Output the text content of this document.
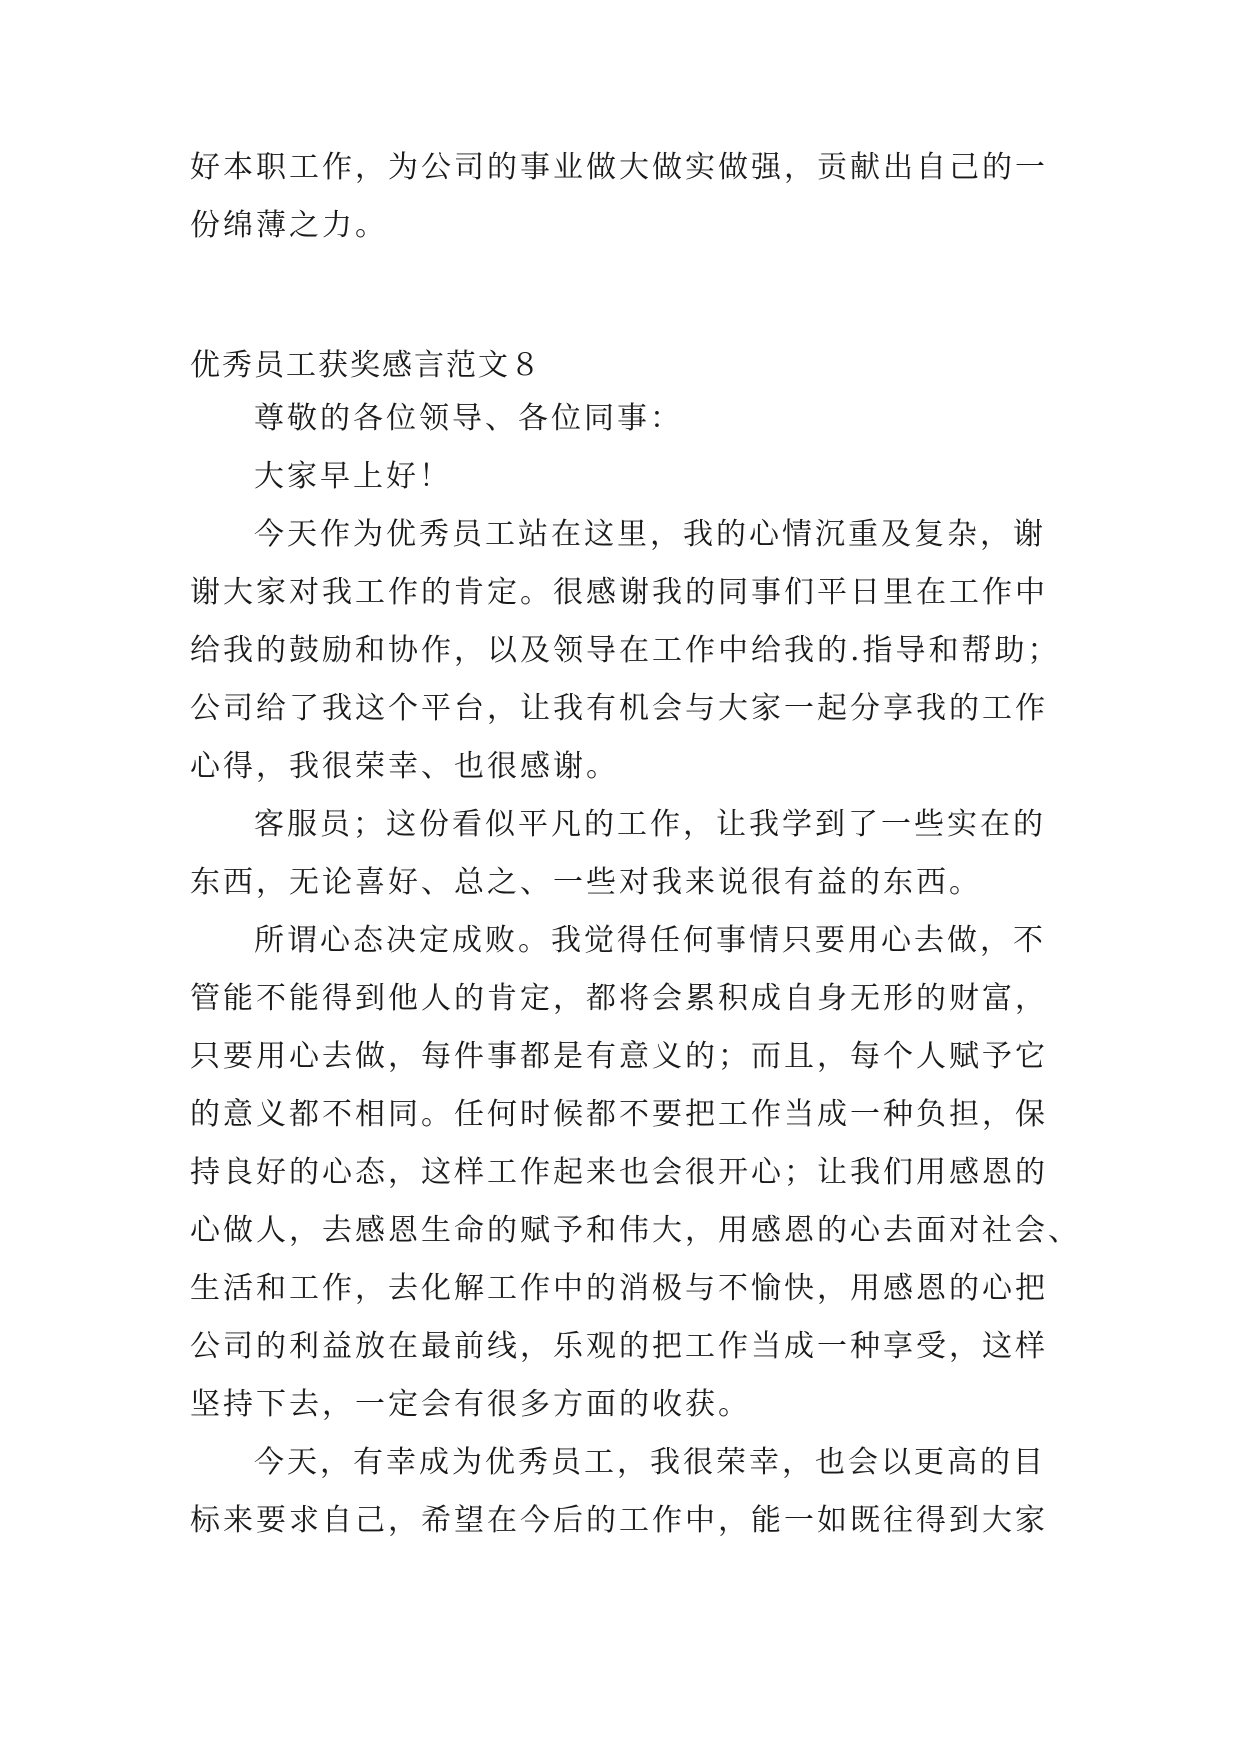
好本职工作，为公司的事业做大做实做强，贡献出自己的一
份绵薄之力。
优秀员工获奖感言范文８
尊敬的各位领导、各位同事：
大家早上好！
今天作为优秀员工站在这里，我的心情沉重及复杂，谢
谢大家对我工作的肯定。很感谢我的同事们平日里在工作中
给我的鼓励和协作，以及领导在工作中给我的.指导和帮助；
公司给了我这个平台，让我有机会与大家一起分享我的工作
心得，我很荣幸、也很感谢。
客服员；这份看似平凡的工作，让我学到了一些实在的
东西，无论喜好、总之、一些对我来说很有益的东西。
所谓心态决定成败。我觉得任何事情只要用心去做，不
管能不能得到他人的肯定，都将会累积成自身无形的财富，
只要用心去做，每件事都是有意义的；而且，每个人赋予它
的意义都不相同。任何时候都不要把工作当成一种负担，保
持良好的心态，这样工作起来也会很开心；让我们用感恩的
心做人，去感恩生命的赋予和伟大，用感恩的心去面对社会、
生活和工作，去化解工作中的消极与不愉快，用感恩的心把
公司的利益放在最前线，乐观的把工作当成一种享受，这样
坚持下去，一定会有很多方面的收获。
今天，有幸成为优秀员工，我很荣幸，也会以更高的目
标来要求自己，希望在今后的工作中，能一如既往得到大家
